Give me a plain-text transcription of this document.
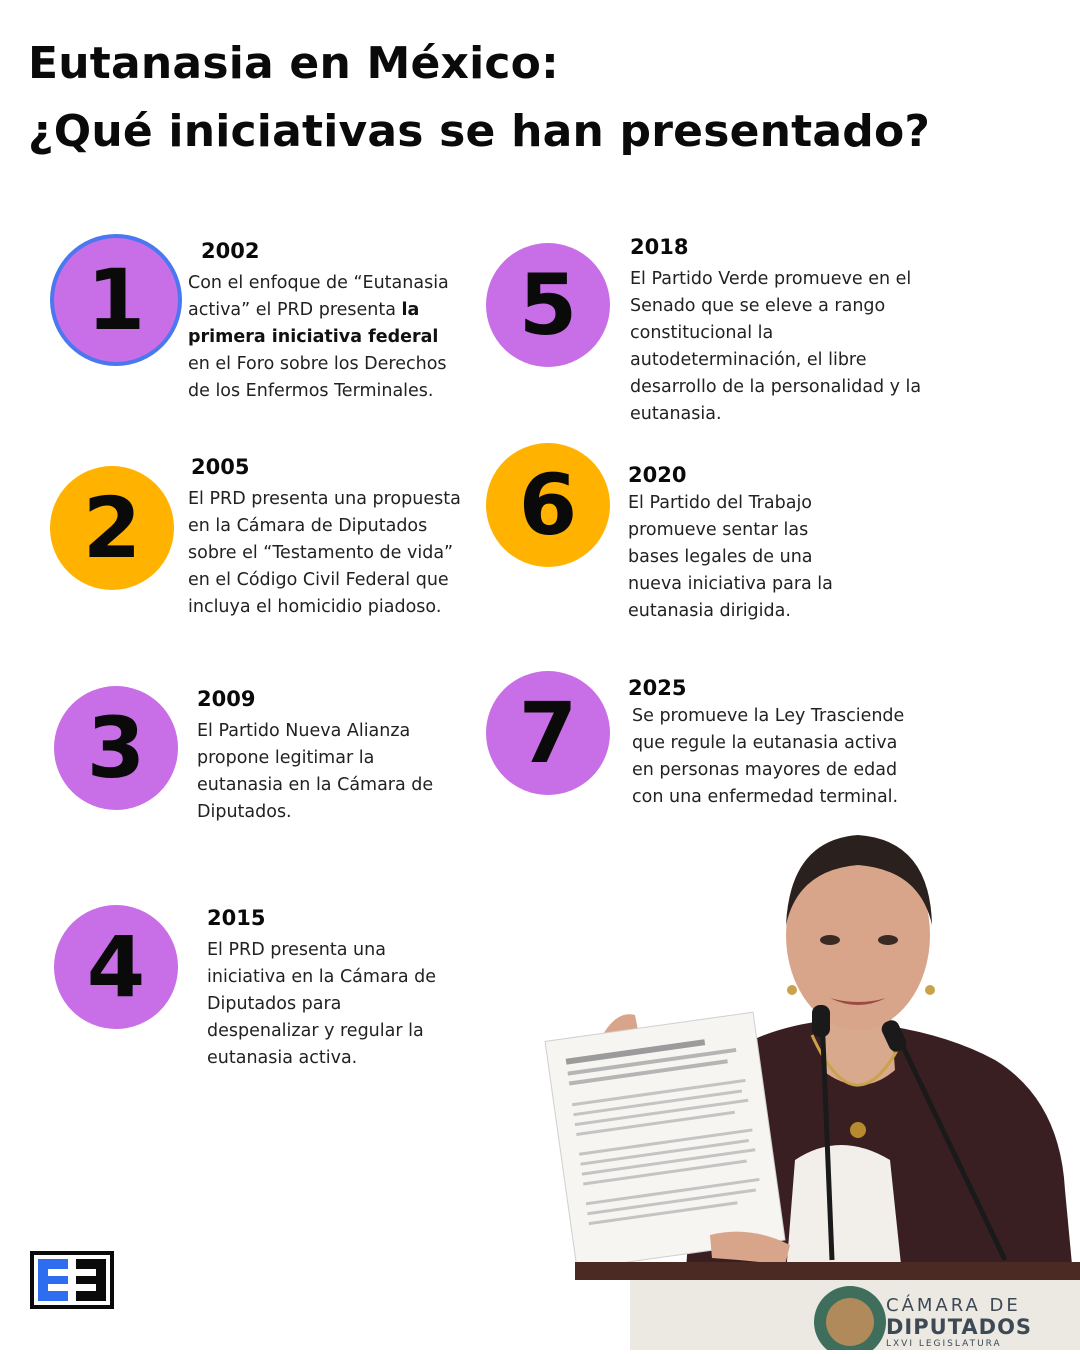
Eutanasia en México:
¿Qué iniciativas se han presentado?
1	2002

Con el enfoque de “Eutanasia activa” el PRD presenta la primera iniciativa federal en el Foro sobre los Derechos de los Enfermos Terminales.

2
2005

El PRD presenta una propuesta en la Cámara de Diputados sobre el “Testamento de vida” en el Código Civil Federal que incluya el homicidio piadoso.

3 2009

El Partido Nueva Alianza propone legitimar la eutanasia en la Cámara de Diputados.

4	2015

El PRD presenta una iniciativa en la Cámara de Diputados para despenalizar y regular la eutanasia activa.

5
2018

El Partido Verde promueve en el Senado que se eleve a rango constitucional la autodeterminación, el libre desarrollo de la personalidad y la eutanasia.

6 2020

El Partido del Trabajo promueve sentar las bases legales de una nueva iniciativa para la eutanasia dirigida.

7 2025

Se promueve la Ley Trasciende que regule la eutanasia activa en personas mayores de edad con una enfermedad terminal.

CÁMARA DE
DIPUTADOS
LXVI LEGISLATURA
